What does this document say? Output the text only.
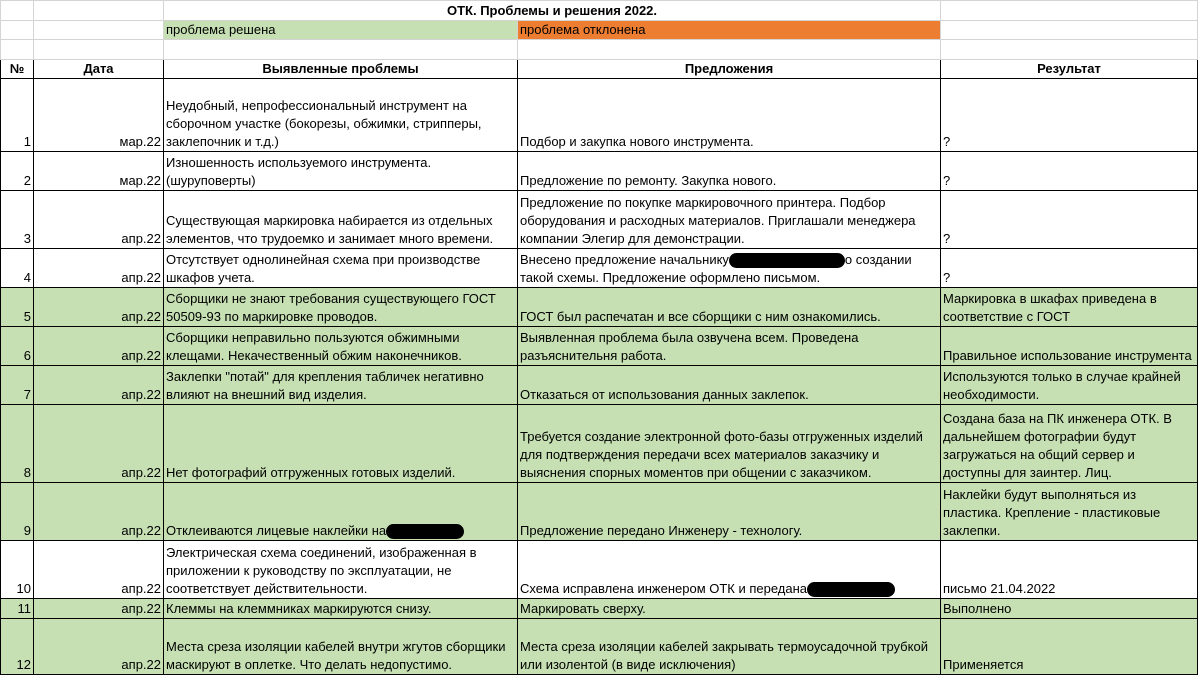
		ОТК. Проблемы и решения 2022.		
		проблема решена	проблема отклонена	

№	Дата	Выявленные проблемы	Предложения	Результат
1	мар.22	Неудобный, непрофессиональный инструмент на сборочном участке (бокорезы, обжимки, стрипперы, заклепочник и т.д.)	Подбор и закупка нового инструмента.	?
2	мар.22	Изношенность используемого инструмента. (шуруповерты)	Предложение по ремонту. Закупка нового.	?
3	апр.22	Существующая маркировка набирается из отдельных элементов, что трудоемко и занимает много времени.	Предложение по покупке маркировочного принтера. Подбор оборудования и расходных материалов. Приглашали менеджера компании Элегир для демонстрации.	?
4	апр.22	Отсутствует однолинейная схема при производстве шкафов учета.	Внесено предложение начальнику о создании такой схемы. Предложение оформлено письмом.	?
5	апр.22	Сборщики не знают требования существующего ГОСТ 50509-93 по маркировке проводов.	ГОСТ был распечатан и все сборщики с ним ознакомились.	Маркировка в шкафах приведена в соответствие с ГОСТ
6	апр.22	Сборщики неправильно пользуются обжимными клещами. Некачественный обжим наконечников.	Выявленная проблема была озвучена всем. Проведена разъяснительня работа.	Правильное использование инструмента
7	апр.22	Заклепки "потай" для крепления табличек негативно влияют на внешний вид изделия.	Отказаться от использования данных заклепок.	Используются только в случае крайней необходимости.
8	апр.22	Нет фотографий отгруженных готовых изделий.	Требуется создание электронной фото-базы отгруженных изделий для подтверждения передачи всех материалов заказчику и выяснения спорных моментов при общении с заказчиком.	Создана база на ПК инженера ОТК. В дальнейшем фотографии будут загружаться на общий сервер и доступны для заинтер. Лиц.
9	апр.22	Отклеиваются лицевые наклейки на	Предложение передано Инженеру - технологу.	Наклейки будут выполняться из пластика. Крепление - пластиковые заклепки.
10	апр.22	Электрическая схема соединений, изображенная в приложении к руководству по эксплуатации, не соответствует действительности.	Схема исправлена инженером ОТК и передана	письмо 21.04.2022
11	апр.22	Клеммы на клеммниках маркируются снизу.	Маркировать сверху.	Выполнено
12	апр.22	Места среза изоляции кабелей внутри жгутов сборщики маскируют в оплетке. Что делать недопустимо.	Места среза изоляции кабелей закрывать термоусадочной трубкой или изолентой (в виде исключения)	Применяется
